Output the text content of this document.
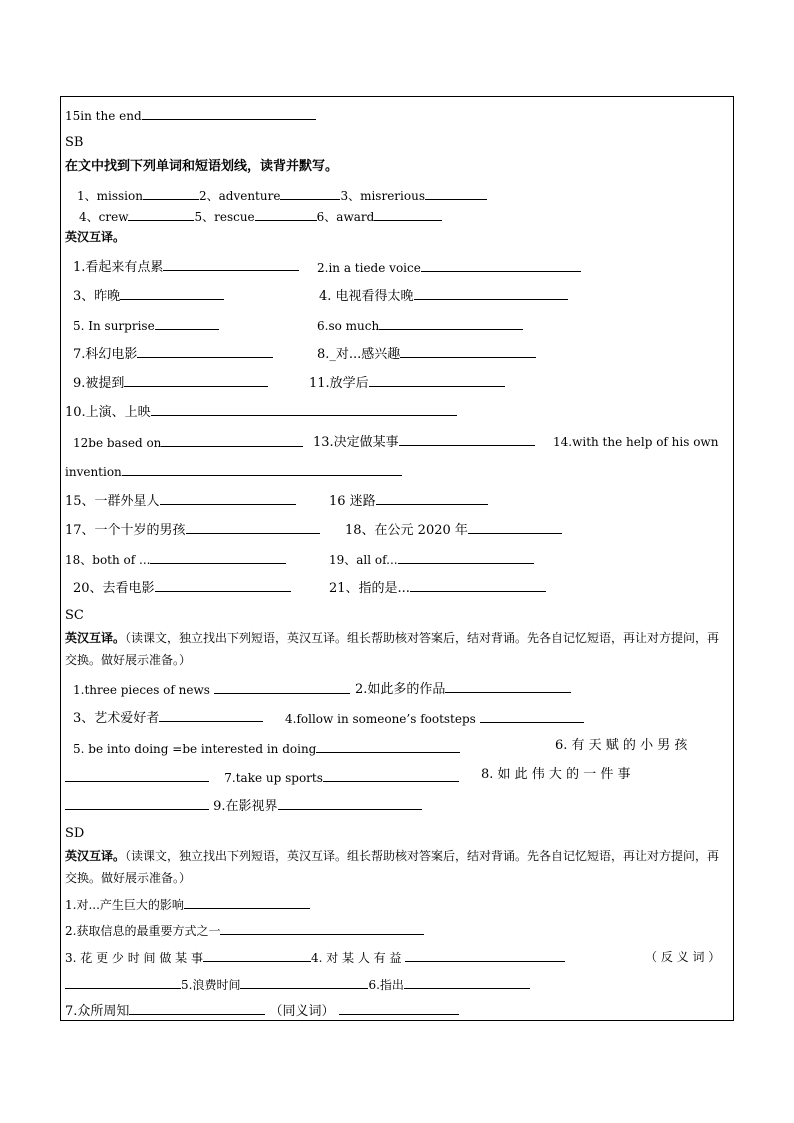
15in the end
SB
在文中找到下列单词和短语划线，读背并默写。
1、mission	2、adventure	3、misrerious
4、crew	5、rescue	6、award
英汉互译。
1.看起来有点累	2.in a tiede voice
3、昨晚	4. 电视看得太晚
5. In surprise	6.so much
7.科幻电影	8._对...感兴趣
9.被提到	11.放学后
10.上演、上映
12be based on	13.决定做某事	14.with the help of his own
invention
15、一群外星人	16 迷路
17、一个十岁的男孩	18、在公元 2020 年
18、both of ...	19、all of...
20、去看电影	21、指的是...
SC
英汉互译。（读课文，独立找出下列短语，英汉互译。组长帮助核对答案后，结对背诵。先各自记忆短语，再让对方提问，再交换。做好展示准备。）
1.three pieces of news	2.如此多的作品
3、艺术爱好者	4.follow in someone’s footsteps
5. be into doing =be interested in doing	6. 有 天 赋 的 小 男 孩
7.take up sports	8. 如 此 伟 大 的 一 件 事
9.在影视界
SD
英汉互译。（读课文，独立找出下列短语，英汉互译。组长帮助核对答案后，结对背诵。先各自记忆短语，再让对方提问，再交换。做好展示准备。）
1.对...产生巨大的影响
2.获取信息的最重要方式之一
3. 花 更 少 时 间 做 某 事	4. 对 某 人 有 益	（ 反 义 词 ）
5.浪费时间	6.指出
7.众所周知	（同义词）
